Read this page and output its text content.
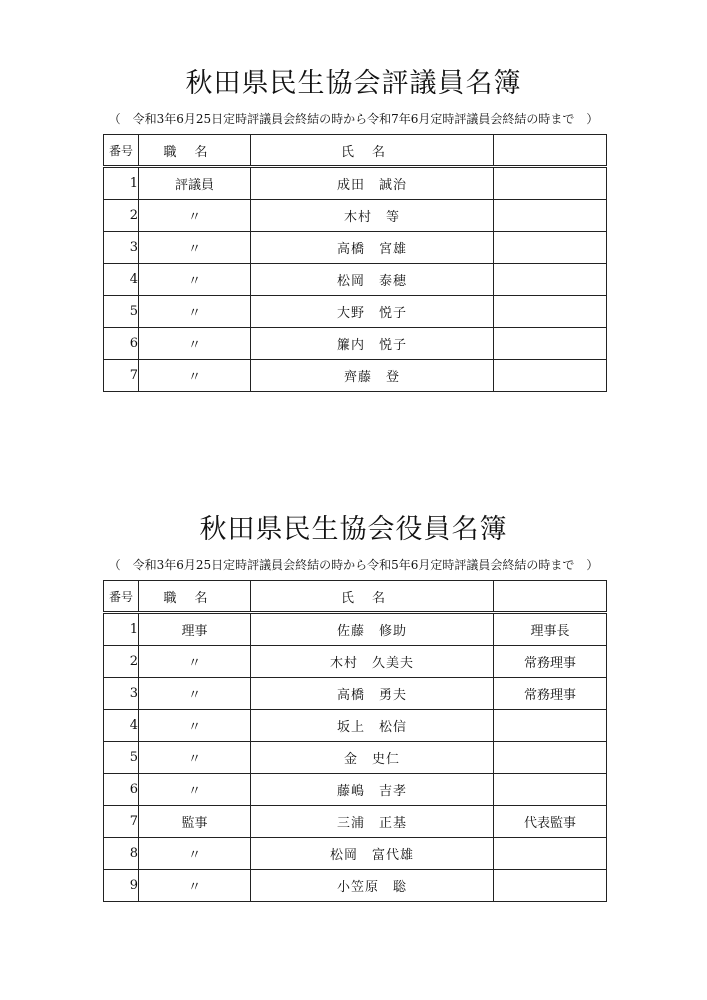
秋田県民生協会評議員名簿
（　令和3年6月25日定時評議員会終結の時から令和7年6月定時評議員会終結の時まで　）
番号	職名	氏名	
1	評議員	成田　誠治	
2	〃	木村　等	
3	〃	高橋　宮雄	
4	〃	松岡　泰穂	
5	〃	大野　悦子	
6	〃	簾内　悦子	
7	〃	齊藤　登	
秋田県民生協会役員名簿
（　令和3年6月25日定時評議員会終結の時から令和5年6月定時評議員会終結の時まで　）
番号	職名	氏名	
1	理事	佐藤　修助	理事長
2	〃	木村　久美夫	常務理事
3	〃	高橋　勇夫	常務理事
4	〃	坂上　松信	
5	〃	金　史仁	
6	〃	藤嶋　吉孝	
7	監事	三浦　正基	代表監事
8	〃	松岡　富代雄	
9	〃	小笠原　聡	
